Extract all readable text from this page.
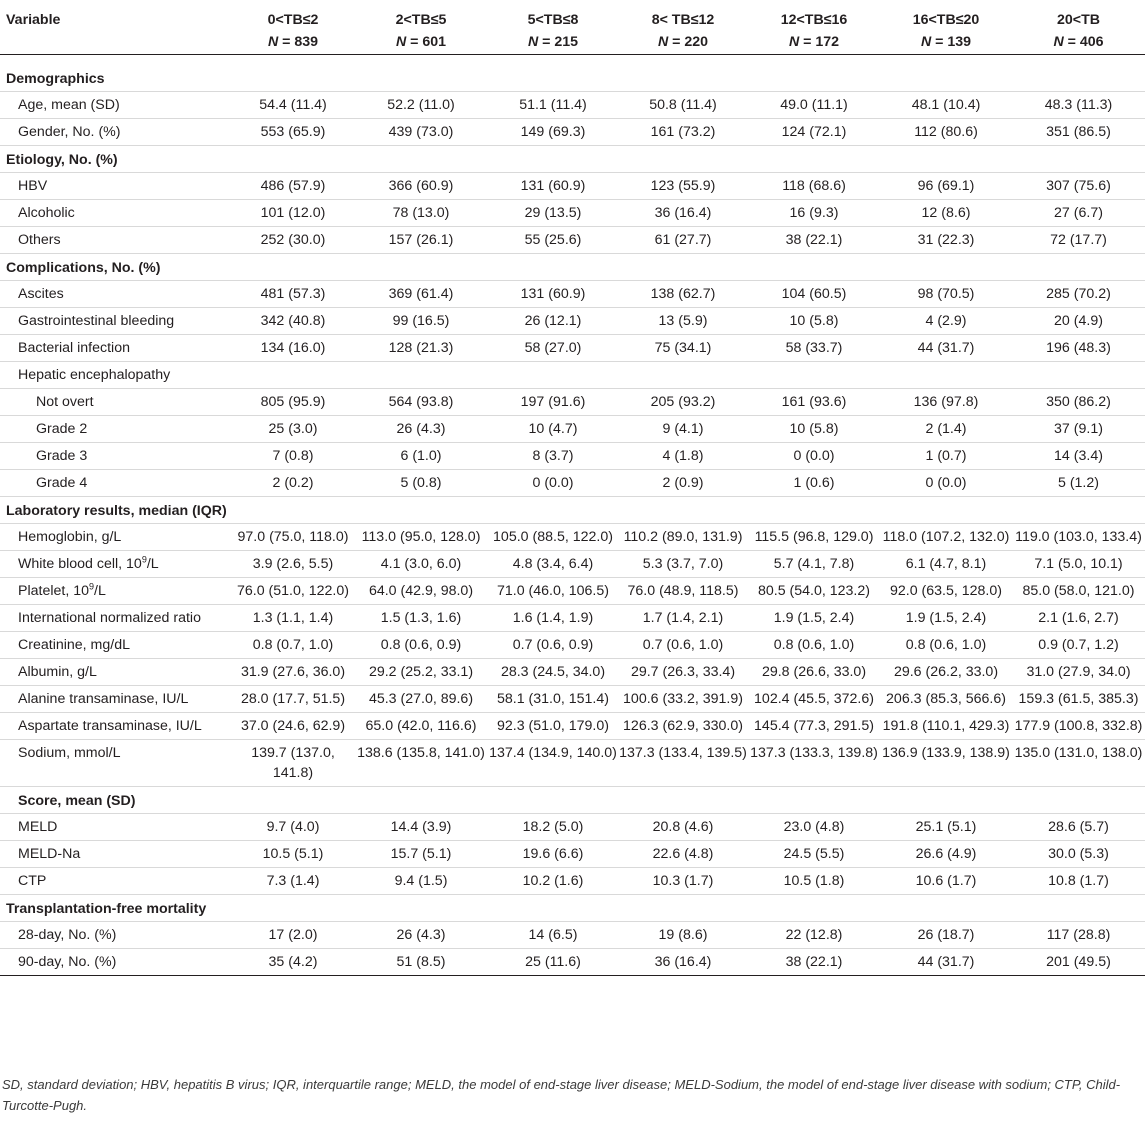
Variable	0<TB≤2	2<TB≤5	5<TB≤8	8< TB≤12	12<TB≤16	16<TB≤20	20<TB
	N = 839	N = 601	N = 215	N = 220	N = 172	N = 139	N = 406
Demographics							
Age, mean (SD)	54.4 (11.4)	52.2 (11.0)	51.1 (11.4)	50.8 (11.4)	49.0 (11.1)	48.1 (10.4)	48.3 (11.3)
Gender, No. (%)	553 (65.9)	439 (73.0)	149 (69.3)	161 (73.2)	124 (72.1)	112 (80.6)	351 (86.5)
Etiology, No. (%)							
HBV	486 (57.9)	366 (60.9)	131 (60.9)	123 (55.9)	118 (68.6)	96 (69.1)	307 (75.6)
Alcoholic	101 (12.0)	78 (13.0)	29 (13.5)	36 (16.4)	16 (9.3)	12 (8.6)	27 (6.7)
Others	252 (30.0)	157 (26.1)	55 (25.6)	61 (27.7)	38 (22.1)	31 (22.3)	72 (17.7)
Complications, No. (%)							
Ascites	481 (57.3)	369 (61.4)	131 (60.9)	138 (62.7)	104 (60.5)	98 (70.5)	285 (70.2)
Gastrointestinal bleeding	342 (40.8)	99 (16.5)	26 (12.1)	13 (5.9)	10 (5.8)	4 (2.9)	20 (4.9)
Bacterial infection	134 (16.0)	128 (21.3)	58 (27.0)	75 (34.1)	58 (33.7)	44 (31.7)	196 (48.3)
Hepatic encephalopathy							
Not overt	805 (95.9)	564 (93.8)	197 (91.6)	205 (93.2)	161 (93.6)	136 (97.8)	350 (86.2)
Grade 2	25 (3.0)	26 (4.3)	10 (4.7)	9 (4.1)	10 (5.8)	2 (1.4)	37 (9.1)
Grade 3	7 (0.8)	6 (1.0)	8 (3.7)	4 (1.8)	0 (0.0)	1 (0.7)	14 (3.4)
Grade 4	2 (0.2)	5 (0.8)	0 (0.0)	2 (0.9)	1 (0.6)	0 (0.0)	5 (1.2)
Laboratory results, median (IQR)							
Hemoglobin, g/L	97.0 (75.0, 118.0)	113.0 (95.0, 128.0)	105.0 (88.5, 122.0)	110.2 (89.0, 131.9)	115.5 (96.8, 129.0)	118.0 (107.2, 132.0)	119.0 (103.0, 133.4)
White blood cell, $10^9/L$	3.9 (2.6, 5.5)	4.1 (3.0, 6.0)	4.8 (3.4, 6.4)	5.3 (3.7, 7.0)	5.7 (4.1, 7.8)	6.1 (4.7, 8.1)	7.1 (5.0, 10.1)
Platelet, $10^9/L$	76.0 (51.0, 122.0)	64.0 (42.9, 98.0)	71.0 (46.0, 106.5)	76.0 (48.9, 118.5)	80.5 (54.0, 123.2)	92.0 (63.5, 128.0)	85.0 (58.0, 121.0)
International normalized ratio	1.3 (1.1, 1.4)	1.5 (1.3, 1.6)	1.6 (1.4, 1.9)	1.7 (1.4, 2.1)	1.9 (1.5, 2.4)	1.9 (1.5, 2.4)	2.1 (1.6, 2.7)
Creatinine, mg/dL	0.8 (0.7, 1.0)	0.8 (0.6, 0.9)	0.7 (0.6, 0.9)	0.7 (0.6, 1.0)	0.8 (0.6, 1.0)	0.8 (0.6, 1.0)	0.9 (0.7, 1.2)
Albumin, g/L	31.9 (27.6, 36.0)	29.2 (25.2, 33.1)	28.3 (24.5, 34.0)	29.7 (26.3, 33.4)	29.8 (26.6, 33.0)	29.6 (26.2, 33.0)	31.0 (27.9, 34.0)
Alanine transaminase, IU/L	28.0 (17.7, 51.5)	45.3 (27.0, 89.6)	58.1 (31.0, 151.4)	100.6 (33.2, 391.9)	102.4 (45.5, 372.6)	206.3 (85.3, 566.6)	159.3 (61.5, 385.3)
Aspartate transaminase, IU/L	37.0 (24.6, 62.9)	65.0 (42.0, 116.6)	92.3 (51.0, 179.0)	126.3 (62.9, 330.0)	145.4 (77.3, 291.5)	191.8 (110.1, 429.3)	177.9 (100.8, 332.8)
Sodium, mmol/L	139.7 (137.0, 141.8)	138.6 (135.8, 141.0)	137.4 (134.9, 140.0)	137.3 (133.4, 139.5)	137.3 (133.3, 139.8)	136.9 (133.9, 138.9)	135.0 (131.0, 138.0)
Score, mean (SD)							
MELD	9.7 (4.0)	14.4 (3.9)	18.2 (5.0)	20.8 (4.6)	23.0 (4.8)	25.1 (5.1)	28.6 (5.7)
MELD-Na	10.5 (5.1)	15.7 (5.1)	19.6 (6.6)	22.6 (4.8)	24.5 (5.5)	26.6 (4.9)	30.0 (5.3)
CTP	7.3 (1.4)	9.4 (1.5)	10.2 (1.6)	10.3 (1.7)	10.5 (1.8)	10.6 (1.7)	10.8 (1.7)
Transplantation-free mortality							
28-day, No. (%)	17 (2.0)	26 (4.3)	14 (6.5)	19 (8.6)	22 (12.8)	26 (18.7)	117 (28.8)
90-day, No. (%)	35 (4.2)	51 (8.5)	25 (11.6)	36 (16.4)	38 (22.1)	44 (31.7)	201 (49.5)

SD, standard deviation; HBV, hepatitis B virus; IQR, interquartile range; MELD, the model of end-stage liver disease; MELD-Sodium, the model of end-stage liver disease with sodium; CTP, Child-Turcotte-Pugh.
